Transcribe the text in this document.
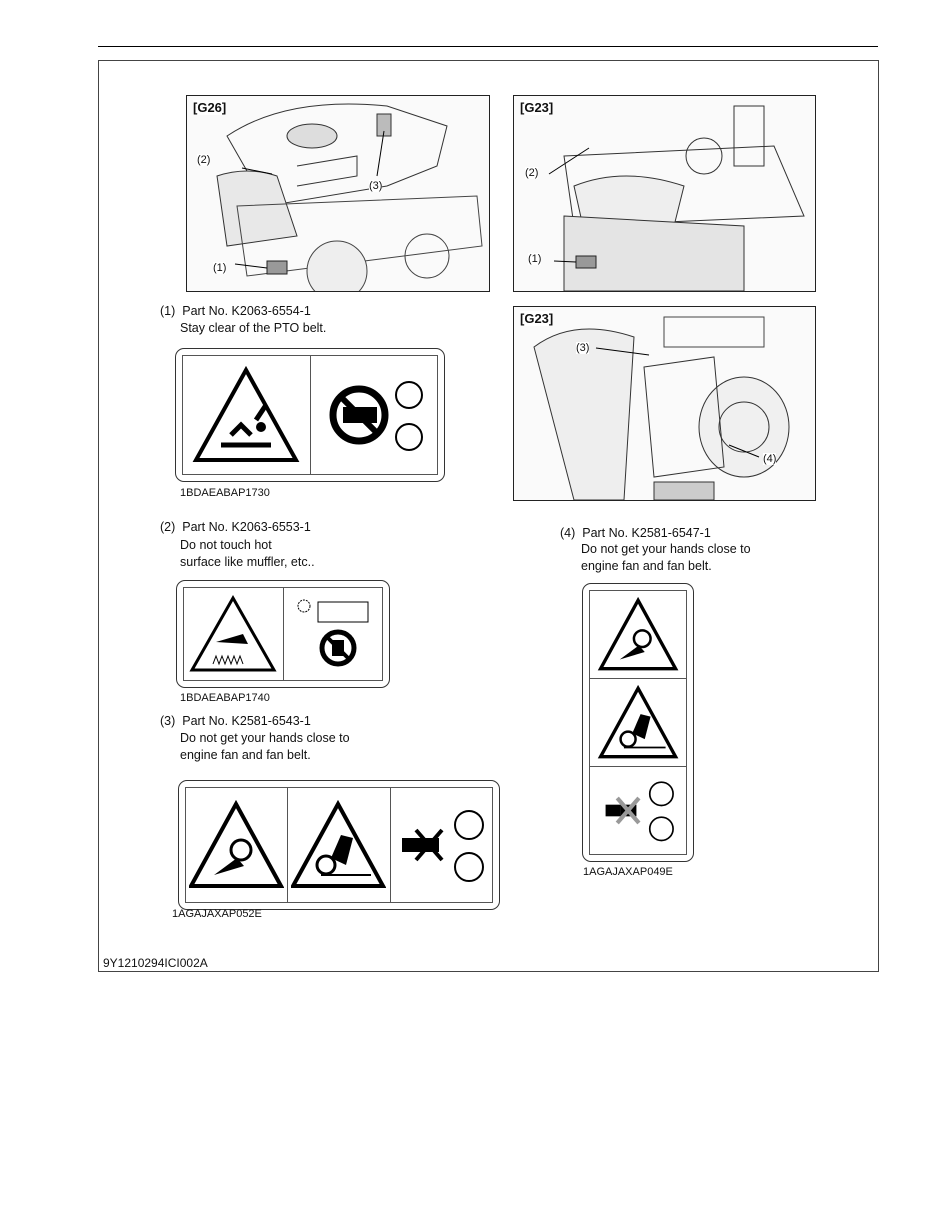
[G26]
(1)
(2)
(3)
[G23]
(1)
(2)
[G23]
(3)
(4)
(1) Part No. K2063-6554-1
Stay clear of the PTO belt.
1BDAEABAP1730
(2) Part No. K2063-6553-1
Do not touch hot
surface like muffler, etc..
1BDAEABAP1740
(3) Part No. K2581-6543-1
Do not get your hands close to
engine fan and fan belt.
1AGAJAXAP052E
(4) Part No. K2581-6547-1
Do not get your hands close to
engine fan and fan belt.
1AGAJAXAP049E
9Y1210294ICI002A
